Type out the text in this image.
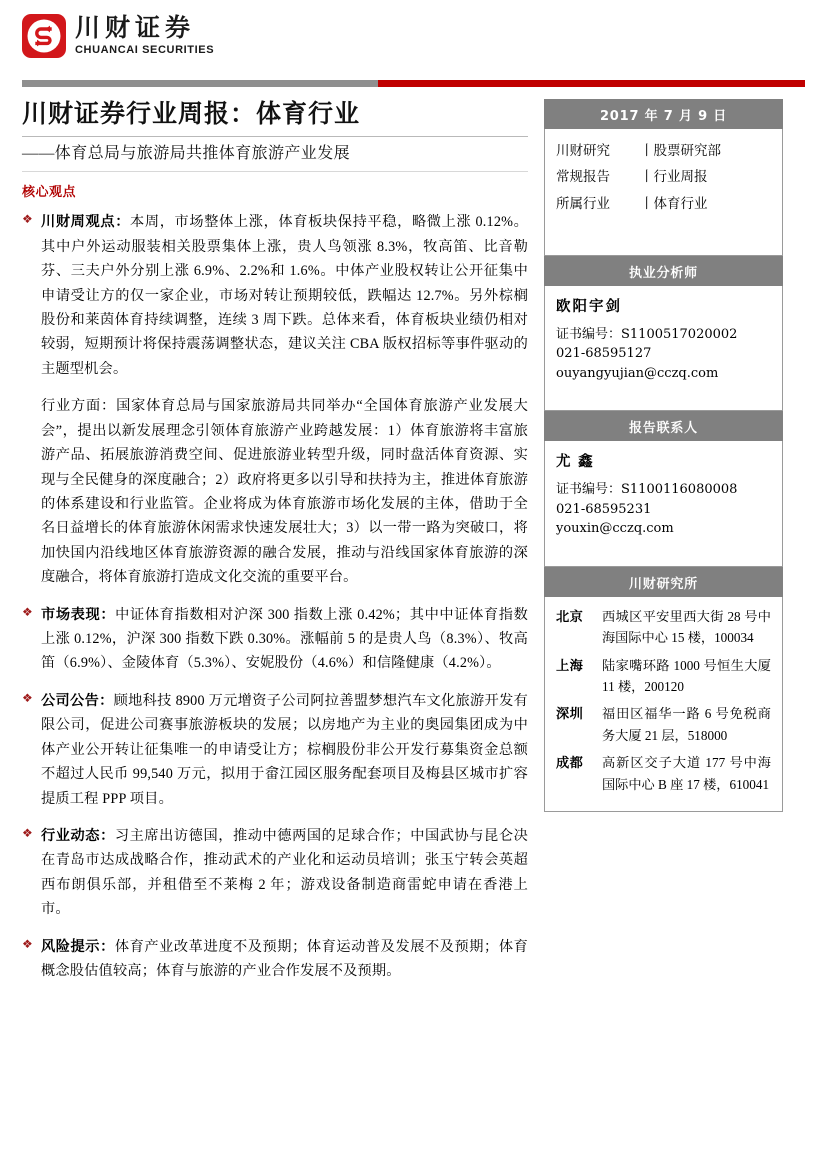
川财证券
CHUANCAI SECURITIES
川财证券行业周报：体育行业
——体育总局与旅游局共推体育旅游产业发展
核心观点
❖ 川财周观点：本周，市场整体上涨，体育板块保持平稳，略微上涨 0.12%。其中户外运动服装相关股票集体上涨，贵人鸟领涨 8.3%，牧高笛、比音勒芬、三夫户外分别上涨 6.9%、2.2%和 1.6%。中体产业股权转让公开征集中申请受让方的仅一家企业，市场对转让预期较低，跌幅达 12.7%。另外棕榈股份和莱茵体育持续调整，连续 3 周下跌。总体来看，体育板块业绩仍相对较弱，短期预计将保持震荡调整状态，建议关注 CBA 版权招标等事件驱动的主题型机会。
行业方面：国家体育总局与国家旅游局共同举办“全国体育旅游产业发展大会”，提出以新发展理念引领体育旅游产业跨越发展：1）体育旅游将丰富旅游产品、拓展旅游消费空间、促进旅游业转型升级，同时盘活体育资源、实现与全民健身的深度融合；2）政府将更多以引导和扶持为主，推进体育旅游的体系建设和行业监管。企业将成为体育旅游市场化发展的主体，借助于全名日益增长的体育旅游休闲需求快速发展壮大；3）以一带一路为突破口，将加快国内沿线地区体育旅游资源的融合发展，推动与沿线国家体育旅游的深度融合，将体育旅游打造成文化交流的重要平台。
❖ 市场表现：中证体育指数相对沪深 300 指数上涨 0.42%；其中中证体育指数上涨 0.12%，沪深 300 指数下跌 0.30%。涨幅前 5 的是贵人鸟（8.3%）、牧高笛（6.9%）、金陵体育（5.3%）、安妮股份（4.6%）和信隆健康（4.2%）。
❖ 公司公告：顾地科技 8900 万元增资子公司阿拉善盟梦想汽车文化旅游开发有限公司，促进公司赛事旅游板块的发展；以房地产为主业的奥园集团成为中体产业公开转让征集唯一的申请受让方；棕榈股份非公开发行募集资金总额不超过人民币 99,540 万元，拟用于畲江园区服务配套项目及梅县区城市扩容提质工程 PPP 项目。
❖ 行业动态：习主席出访德国，推动中德两国的足球合作；中国武协与昆仑决在青岛市达成战略合作，推动武术的产业化和运动员培训；张玉宁转会英超西布朗俱乐部，并租借至不莱梅 2 年；游戏设备制造商雷蛇申请在香港上市。
❖ 风险提示：体育产业改革进度不及预期；体育运动普及发展不及预期；体育概念股估值较高；体育与旅游的产业合作发展不及预期。
2017 年 7 月 9 日
川财研究	丨股票研究部
常规报告	丨行业周报
所属行业	丨体育行业
执业分析师
欧阳宇剑
证书编号：S1100517020002
021-68595127
ouyangyujian@cczq.com
报告联系人
尤 鑫
证书编号：S1100116080008
021-68595231
youxin@cczq.com
川财研究所
北京	西城区平安里西大街 28 号中海国际中心 15 楼，100034
上海	陆家嘴环路 1000 号恒生大厦 11 楼，200120
深圳	福田区福华一路 6 号免税商务大厦 21 层，518000
成都	高新区交子大道 177 号中海国际中心 B 座 17 楼，610041
